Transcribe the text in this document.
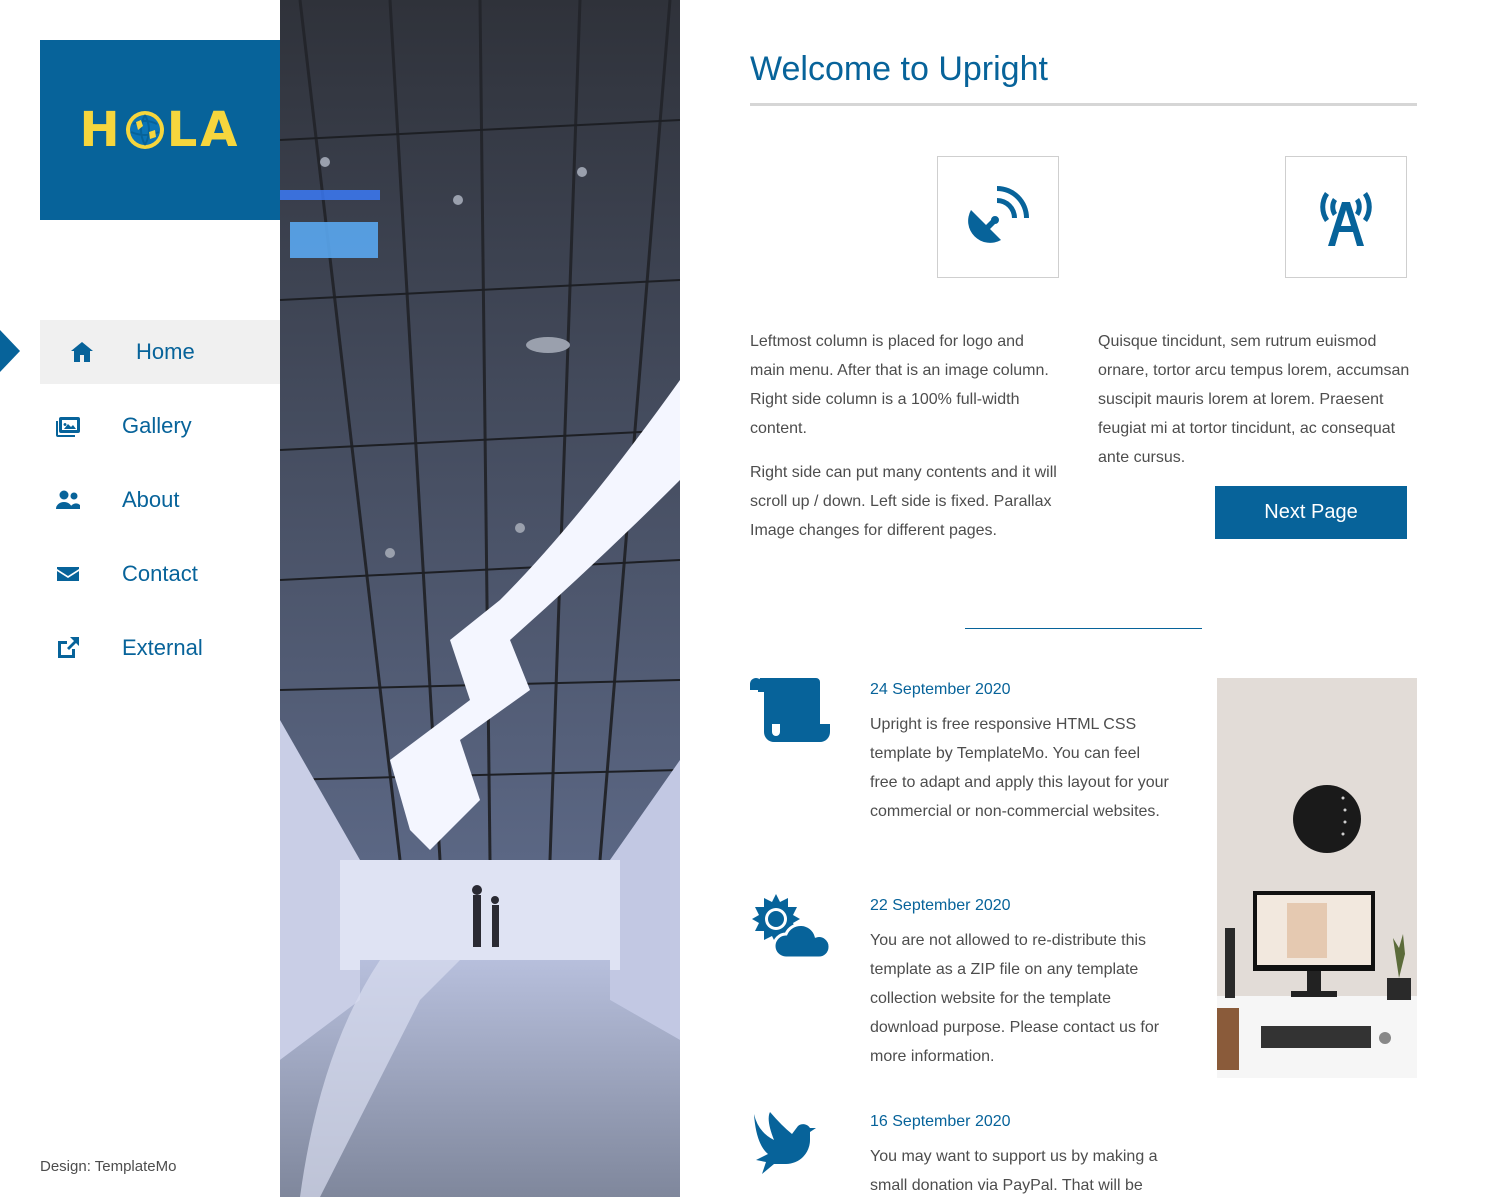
H LA
Home
Gallery
About
Contact
External
Design: TemplateMo
Welcome to Upright

Leftmost column is placed for logo and main menu. After that is an image column. Right side column is a 100% full-width content.

Right side can put many contents and it will scroll up / down. Left side is fixed. Parallax Image changes for different pages.

Quisque tincidunt, sem rutrum euismod ornare, tortor arcu tempus lorem, accumsan suscipit mauris lorem at lorem. Praesent feugiat mi at tortor tincidunt, ac consequat ante cursus.

Next Page
24 September 2020

Upright is free responsive HTML CSS template by TemplateMo. You can feel free to adapt and apply this layout for your commercial or non-commercial websites.

22 September 2020

You are not allowed to re-distribute this template as a ZIP file on any template collection website for the template download purpose. Please contact us for more information.

16 September 2020

You may want to support us by making a small donation via PayPal. That will be
